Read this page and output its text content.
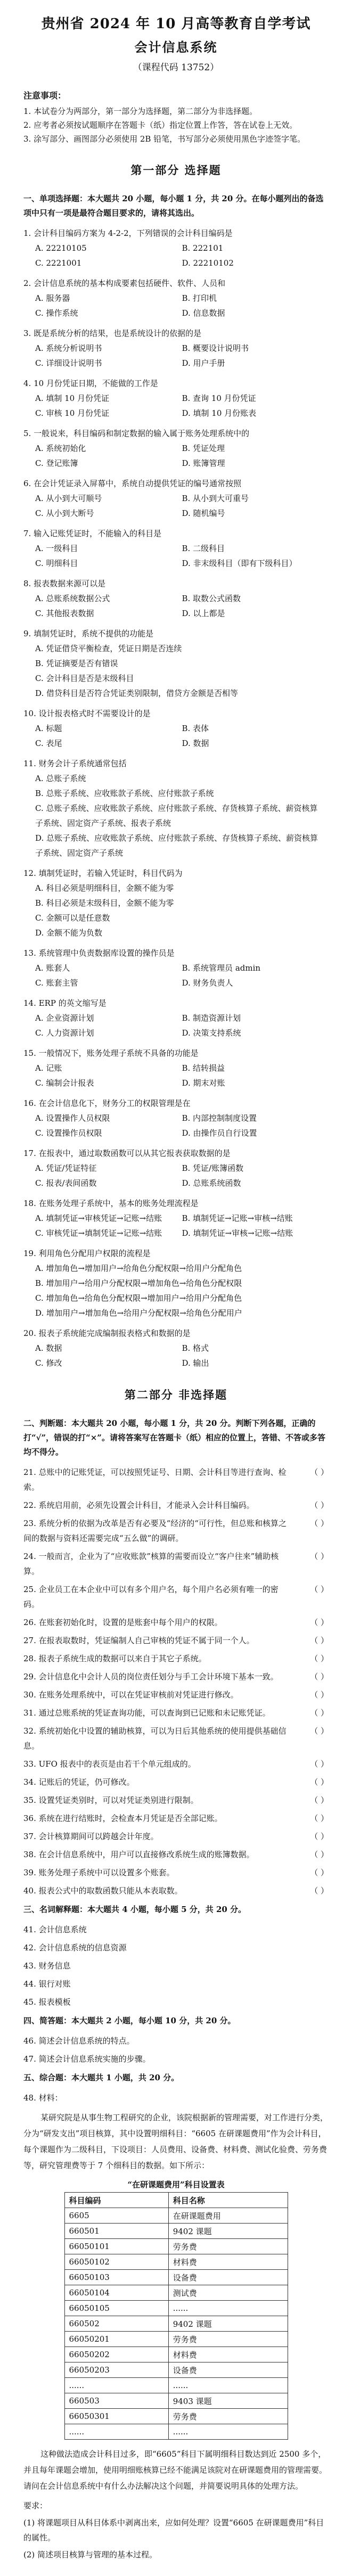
贵州省 2024 年 10 月高等教育自学考试
会计信息系统
（课程代码 13752）
注意事项：
1. 本试卷分为两部分，第一部分为选择题，第二部分为非选择题。
2. 应考者必须按试题顺序在答题卡（纸）指定位置上作答，答在试卷上无效。
3. 涂写部分、画图部分必须使用 2B 铅笔，书写部分必须使用黑色字迹签字笔。
第一部分 选择题
一、单项选择题：本大题共 20 小题，每小题 1 分，共 20 分。在每小题列出的备选项中只有一项是最符合题目要求的，请将其选出。
1. 会计科目编码方案为 4-2-2，下列错误的会计科目编码是
A. 22210105	B. 222101
C. 2221001	D. 22210102
2. 会计信息系统的基本构成要素包括硬件、软件、人员和
A. 服务器	B. 打印机
C. 操作系统	D. 信息数据
3. 既是系统分析的结果，也是系统设计的依据的是
A. 系统分析说明书	B. 概要设计说明书
C. 详细设计说明书	D. 用户手册
4. 10 月份凭证日期，不能做的工作是
A. 填制 10 月份凭证	B. 查询 10 月份凭证
C. 审核 10 月份凭证	D. 填制 10 月份账表
5. 一般说来，科目编码和制定数据的输入属于账务处理系统中的
A. 系统初始化	B. 凭证处理
C. 登记账簿	D. 账簿管理
6. 在会计凭证录入屏幕中，系统自动提供凭证的编号通常按照
A. 从小到大可顺号	B. 从小到大可重号
C. 从小到大断号	D. 随机编号
7. 输入记账凭证时，不能输入的科目是
A. 一级科目	B. 二级科目
C. 明细科目	D. 非末级科目（即有下级科目）
8. 报表数据来源可以是
A. 总账系统数据公式	B. 取数公式函数
C. 其他报表数据	D. 以上都是
9. 填制凭证时，系统不提供的功能是
A. 凭证借贷平衡检查，凭证日期是否连续
B. 凭证摘要是否有错误
C. 会计科目是否是末级科目
D. 借贷科目是否符合凭证类别限制，借贷方金额是否相等
10. 设计报表格式时不需要设计的是
A. 标题	B. 表体
C. 表尾	D. 数据
11. 财务会计子系统通常包括
A. 总账子系统
B. 总账子系统、应收账款子系统、应付账款子系统
C. 总账子系统、应收账款子系统、应付账款子系统、存货核算子系统、薪资核算子系统、固定资产子系统、报表子系统
D. 总账子系统、应收账款子系统、应付账款子系统、存货核算子系统、薪资核算子系统、固定资产子系统
12. 填制凭证时，若输入凭证时，科目代码为
A. 科目必须是明细科目，金额不能为零
B. 科目必须是末级科目，金额不能为零
C. 金额可以是任意数
D. 金额不能为负数
13. 系统管理中负责数据库设置的操作员是
A. 账套人	B. 系统管理员 admin
C. 账套主管	D. 财务负责人
14. ERP 的英文缩写是
A. 企业资源计划	B. 制造资源计划
C. 人力资源计划	D. 决策支持系统
15. 一般情况下，账务处理子系统不具备的功能是
A. 记账	B. 结转损益
C. 编制会计报表	D. 期末对账
16. 在会计信息化下，财务分工的权限管理是在
A. 设置操作人员权限	B. 内部控制制度设置
C. 设置操作员权限	D. 由操作员自行设置
17. 在报表中，通过取数函数可以从其它报表获取数据的是
A. 凭证/凭证特征	B. 凭证/账簿函数
C. 报表/表间函数	D. 总账系统函数
18. 在账务处理子系统中，基本的账务处理流程是
A. 填制凭证→审核凭证→记账→结账	B. 填制凭证→记账→审核→结账
C. 审核凭证→填制凭证→记账→结账	D. 填制凭证→审核→记账→结账
19. 利用角色分配用户权限的流程是
A. 增加角色→增加用户→给角色分配权限→给用户分配角色
B. 增加用户→给用户分配权限→增加角色→给角色分配权限
C. 增加角色→给角色分配权限→增加用户→给用户分配角色
D. 增加用户→增加角色→给用户分配权限→给角色分配用户
20. 报表子系统能完成编制报表格式和数据的是
A. 数据	B. 格式
C. 修改	D. 输出
第二部分 非选择题
二、判断题：本大题共 20 小题，每小题 1 分，共 20 分。判断下列各题，正确的打“√”，错误的打“×”。请将答案写在答题卡（纸）相应的位置上，答错、不答或多答均不得分。
21. 总账中的记账凭证，可以按照凭证号、日期、会计科目等进行查询、检索。
（ ）
22. 系统启用前，必须先设置会计科目，才能录入会计科目编码。	（ ）
23. 系统分析的依据为改革是否有必要及“经济的“可行性，但总账和核算之间的数据与资料还需要完成“五么做”的调研。
（ ）
24. 一般而言，企业为了“应收账款”核算的需要而设立“客户往来”辅助核算。
（ ）
25. 企业员工在本企业中可以有多个用户名，每个用户名必须有唯一的密码。
（ ）
26. 在账套初始化时，设置的是账套中每个用户的权限。	（ ）
27. 在报表取数时，凭证编制人自己审核的凭证不属于同一个人。	（ ）
28. 报表子系统生成的数据可以来自于其它子系统。	（ ）
29. 会计信息化中会计人员的岗位责任划分与手工会计环境下基本一致。	（ ）
30. 在账务处理系统中，可以在凭证审核前对凭证进行修改。	（ ）
31. 通过总账系统的凭证查询功能，可以查询到已记账和未记账凭证。	（ ）
32. 系统初始化中设置的辅助核算，可以为日后其他系统的使用提供基础信息。
（ ）
33. UFO 报表中的表页是由若干个单元组成的。	（ ）
34. 记账后的凭证，仍可修改。	（ ）
35. 设置凭证类别时，可以对凭证类别进行限制。	（ ）
36. 系统在进行结账时，会检查本月凭证是否全部记账。	（ ）
37. 会计核算期间可以跨越会计年度。	（ ）
38. 在会计信息系统中，用户可以直接修改系统生成的账簿数据。	（ ）
39. 账务处理子系统中可以设置多个账套。	（ ）
40. 报表公式中的取数函数只能从本表取数。	（ ）
三、名词解释题：本大题共 4 小题，每小题 5 分，共 20 分。
41. 会计信息系统
42. 会计信息系统的信息资源
43. 财务信息
44. 银行对账
45. 报表模板
四、简答题：本大题共 2 小题，每小题 10 分，共 20 分。
46. 简述会计信息系统的特点。
47. 简述会计信息系统实施的步骤。
五、综合题：本大题共 1 小题，共 20 分。
48. 材料：
某研究院是从事生物工程研究的企业，该院根据新的管理需要，对工作进行分类，分为“研发支出”项目核算，其中设置明细科目：“6605 在研课题费用”作为会计科目，每个课题作为二级科目，下设项目：人员费用、设备费、材料费、测试化验费、劳务费等，研究管理费等于 7 个细科目的数据。如下所示：
“在研课题费用”科目设置表
科目编码	科目名称
6605	在研课题费用
660501	9402 课题
66050101	劳务费
66050102	材料费
66050103	设备费
66050104	测试费
66050105	......
660502	9402 课题
66050201	劳务费
66050202	材料费
66050203	设备费
......	......
660503	9403 课题
66050301	劳务费
......	......
这种做法造成会计科目过多，即“6605”科目下属明细科目数达到近 2500 多个，并且每年课题会增加，使用明细账核算已经不能满足该院对在研课题费用的管理需要。请问在会计信息系统中有什么办法解决这个问题，并简要说明具体的处理方法。
要求：
(1) 将课题项目从科目体系中剥离出来，应如何处理？设置“6605 在研课题费用”科目的属性。
(2) 简述项目核算与管理的基本过程。
